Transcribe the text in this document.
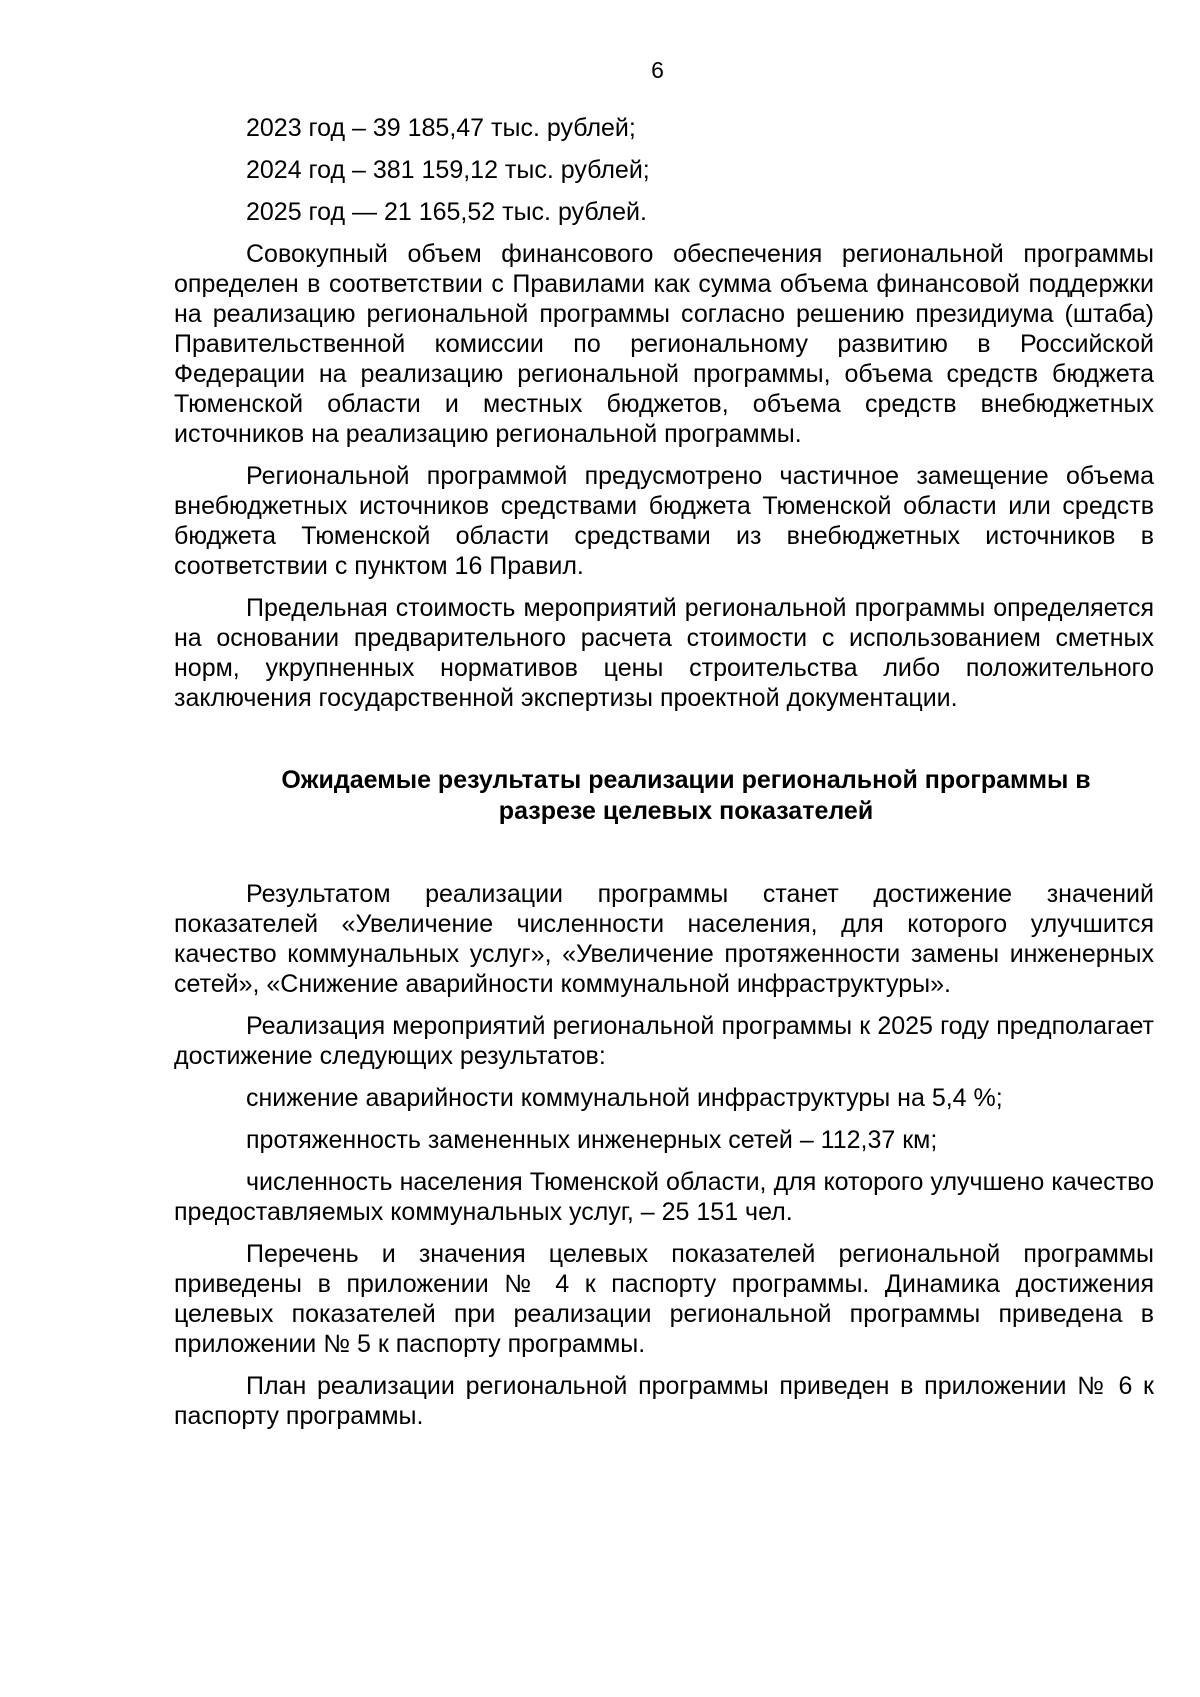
6

2023 год – 39 185,47 тыс. рублей;

2024 год – 381 159,12 тыс. рублей;

2025 год — 21 165,52 тыс. рублей.

Совокупный объем финансового обеспечения региональной программы определен в соответствии с Правилами как сумма объема финансовой поддержки на реализацию региональной программы согласно решению президиума (штаба) Правительственной комиссии по региональному развитию в Российской Федерации на реализацию региональной программы, объема средств бюджета Тюменской области и местных бюджетов, объема средств внебюджетных источников на реализацию региональной программы.

Региональной программой предусмотрено частичное замещение объема внебюджетных источников средствами бюджета Тюменской области или средств бюджета Тюменской области средствами из внебюджетных источников в соответствии с пунктом 16 Правил.

Предельная стоимость мероприятий региональной программы определяется на основании предварительного расчета стоимости с использованием сметных норм, укрупненных нормативов цены строительства либо положительного заключения государственной экспертизы проектной документации.

Ожидаемые результаты реализации региональной программы в
разрезе целевых показателей

Результатом реализации программы станет достижение значений показателей «Увеличение численности населения, для которого улучшится качество коммунальных услуг», «Увеличение протяженности замены инженерных сетей», «Снижение аварийности коммунальной инфраструктуры».

Реализация мероприятий региональной программы к 2025 году предполагает достижение следующих результатов:

снижение аварийности коммунальной инфраструктуры на 5,4 %;

протяженность замененных инженерных сетей – 112,37 км;

численность населения Тюменской области, для которого улучшено качество предоставляемых коммунальных услуг, – 25 151 чел.

Перечень и значения целевых показателей региональной программы приведены в приложении № 4 к паспорту программы. Динамика достижения целевых показателей при реализации региональной программы приведена в приложении № 5 к паспорту программы.

План реализации региональной программы приведен в приложении № 6 к паспорту программы.
